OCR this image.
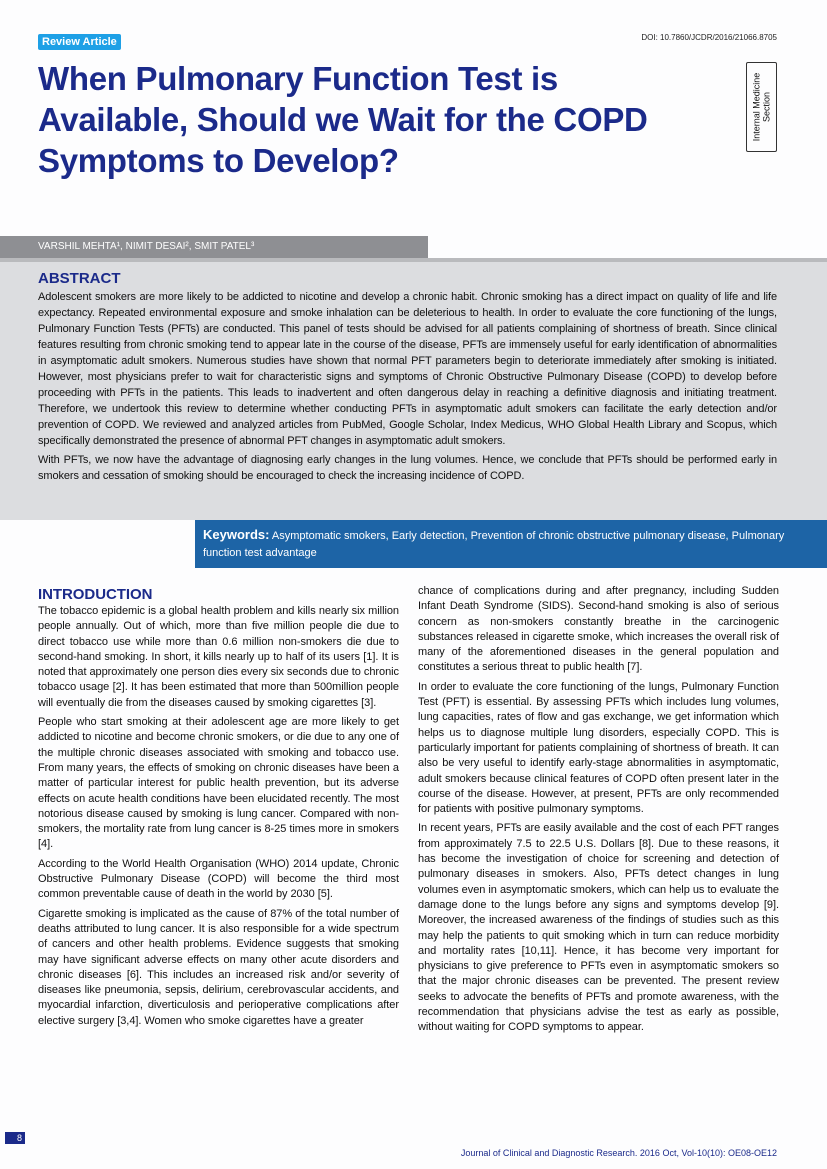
Review Article	DOI: 10.7860/JCDR/2016/21066.8705
When Pulmonary Function Test is Available, Should we Wait for the COPD Symptoms to Develop?
Internal Medicine Section
VARSHIL MEHTA¹, NIMIT DESAI², SMIT PATEL³
ABSTRACT

Adolescent smokers are more likely to be addicted to nicotine and develop a chronic habit. Chronic smoking has a direct impact on quality of life and life expectancy. Repeated environmental exposure and smoke inhalation can be deleterious to health. In order to evaluate the core functioning of the lungs, Pulmonary Function Tests (PFTs) are conducted. This panel of tests should be advised for all patients complaining of shortness of breath. Since clinical features resulting from chronic smoking tend to appear late in the course of the disease, PFTs are immensely useful for early identification of abnormalities in asymptomatic adult smokers. Numerous studies have shown that normal PFT parameters begin to deteriorate immediately after smoking is initiated. However, most physicians prefer to wait for characteristic signs and symptoms of Chronic Obstructive Pulmonary Disease (COPD) to develop before proceeding with PFTs in the patients. This leads to inadvertent and often dangerous delay in reaching a definitive diagnosis and initiating treatment. Therefore, we undertook this review to determine whether conducting PFTs in asymptomatic adult smokers can facilitate the early detection and/or prevention of COPD. We reviewed and analyzed articles from PubMed, Google Scholar, Index Medicus, WHO Global Health Library and Scopus, which specifically demonstrated the presence of abnormal PFT changes in asymptomatic adult smokers.

With PFTs, we now have the advantage of diagnosing early changes in the lung volumes. Hence, we conclude that PFTs should be performed early in smokers and cessation of smoking should be encouraged to check the increasing incidence of COPD.

Keywords: Asymptomatic smokers, Early detection, Prevention of chronic obstructive pulmonary disease, Pulmonary function test advantage
INTRODUCTION

The tobacco epidemic is a global health problem and kills nearly six million people annually. Out of which, more than five million people die due to direct tobacco use while more than 0.6 million non-smokers die due to second-hand smoking. In short, it kills nearly up to half of its users [1]. It is noted that approximately one person dies every six seconds due to chronic tobacco usage [2]. It has been estimated that more than 500million people will eventually die from the diseases caused by smoking cigarettes [3].

People who start smoking at their adolescent age are more likely to get addicted to nicotine and become chronic smokers, or die due to any one of the multiple chronic diseases associated with smoking and tobacco use. From many years, the effects of smoking on chronic diseases have been a matter of particular interest for public health prevention, but its adverse effects on acute health conditions have been elucidated recently. The most notorious disease caused by smoking is lung cancer. Compared with non-smokers, the mortality rate from lung cancer is 8-25 times more in smokers [4].

According to the World Health Organisation (WHO) 2014 update, Chronic Obstructive Pulmonary Disease (COPD) will become the third most common preventable cause of death in the world by 2030 [5].

Cigarette smoking is implicated as the cause of 87% of the total number of deaths attributed to lung cancer. It is also responsible for a wide spectrum of cancers and other health problems. Evidence suggests that smoking may have significant adverse effects on many other acute disorders and chronic diseases [6]. This includes an increased risk and/or severity of diseases like pneumonia, sepsis, delirium, cerebrovascular accidents, and myocardial infarction, diverticulosis and perioperative complications after elective surgery [3,4]. Women who smoke cigarettes have a greater

chance of complications during and after pregnancy, including Sudden Infant Death Syndrome (SIDS). Second-hand smoking is also of serious concern as non-smokers constantly breathe in the carcinogenic substances released in cigarette smoke, which increases the overall risk of many of the aforementioned diseases in the general population and constitutes a serious threat to public health [7].

In order to evaluate the core functioning of the lungs, Pulmonary Function Test (PFT) is essential. By assessing PFTs which includes lung volumes, lung capacities, rates of flow and gas exchange, we get information which helps us to diagnose multiple lung disorders, especially COPD. This is particularly important for patients complaining of shortness of breath. It can also be very useful to identify early-stage abnormalities in asymptomatic, adult smokers because clinical features of COPD often present later in the course of the disease. However, at present, PFTs are only recommended for patients with positive pulmonary symptoms.

In recent years, PFTs are easily available and the cost of each PFT ranges from approximately 7.5 to 22.5 U.S. Dollars [8]. Due to these reasons, it has become the investigation of choice for screening and detection of pulmonary diseases in smokers. Also, PFTs detect changes in lung volumes even in asymptomatic smokers, which can help us to evaluate the damage done to the lungs before any signs and symptoms develop [9]. Moreover, the increased awareness of the findings of studies such as this may help the patients to quit smoking which in turn can reduce morbidity and mortality rates [10,11]. Hence, it has become very important for physicians to give preference to PFTs even in asymptomatic smokers so that the major chronic diseases can be prevented. The present review seeks to advocate the benefits of PFTs and promote awareness, with the recommendation that physicians advise the test as early as possible, without waiting for COPD symptoms to appear.

8
Journal of Clinical and Diagnostic Research. 2016 Oct, Vol-10(10): OE08-OE12
